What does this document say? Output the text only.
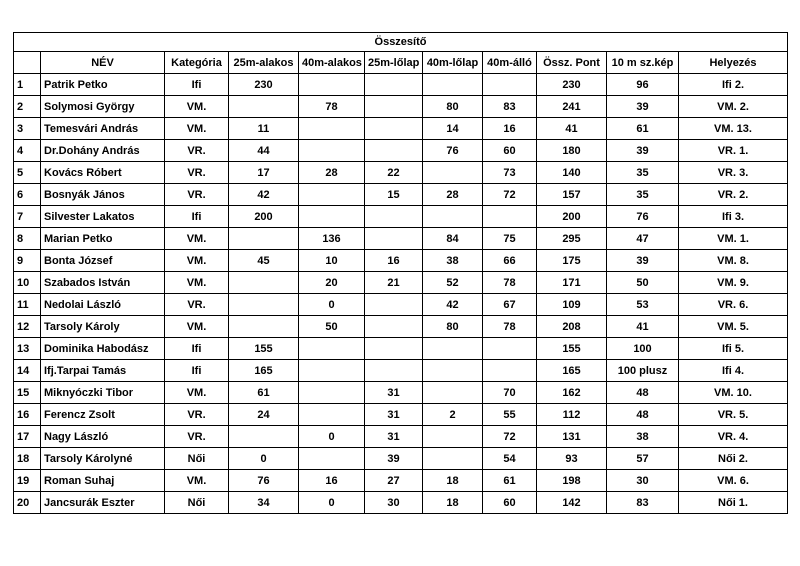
Összesítő										
	NÉV	Kategória	25m-alakos	40m-alakos	25m-lőlap	40m-lőlap	40m-álló	Össz. Pont	10 m sz.kép	Helyezés
1	Patrik Petko	Ifi	230					230	96	Ifi 2.
2	Solymosi György	VM.		78		80	83	241	39	VM. 2.
3	Temesvári András	VM.	11			14	16	41	61	VM. 13.
4	Dr.Dohány András	VR.	44			76	60	180	39	VR. 1.
5	Kovács Róbert	VR.	17	28	22		73	140	35	VR. 3.
6	Bosnyák János	VR.	42		15	28	72	157	35	VR. 2.
7	Silvester Lakatos	Ifi	200					200	76	Ifi 3.
8	Marian Petko	VM.		136		84	75	295	47	VM. 1.
9	Bonta József	VM.	45	10	16	38	66	175	39	VM. 8.
10	Szabados István	VM.		20	21	52	78	171	50	VM. 9.
11	Nedolai László	VR.		0		42	67	109	53	VR. 6.
12	Tarsoly Károly	VM.		50		80	78	208	41	VM. 5.
13	Dominika Habodász	Ifi	155					155	100	Ifi 5.
14	Ifj.Tarpai Tamás	Ifi	165					165	100 plusz	Ifi 4.
15	Miknyóczki Tibor	VM.	61		31		70	162	48	VM. 10.
16	Ferencz Zsolt	VR.	24		31	2	55	112	48	VR. 5.
17	Nagy László	VR.		0	31		72	131	38	VR. 4.
18	Tarsoly Károlyné	Női	0		39		54	93	57	Női 2.
19	Roman Suhaj	VM.	76	16	27	18	61	198	30	VM. 6.
20	Jancsurák Eszter	Női	34	0	30	18	60	142	83	Női 1.
